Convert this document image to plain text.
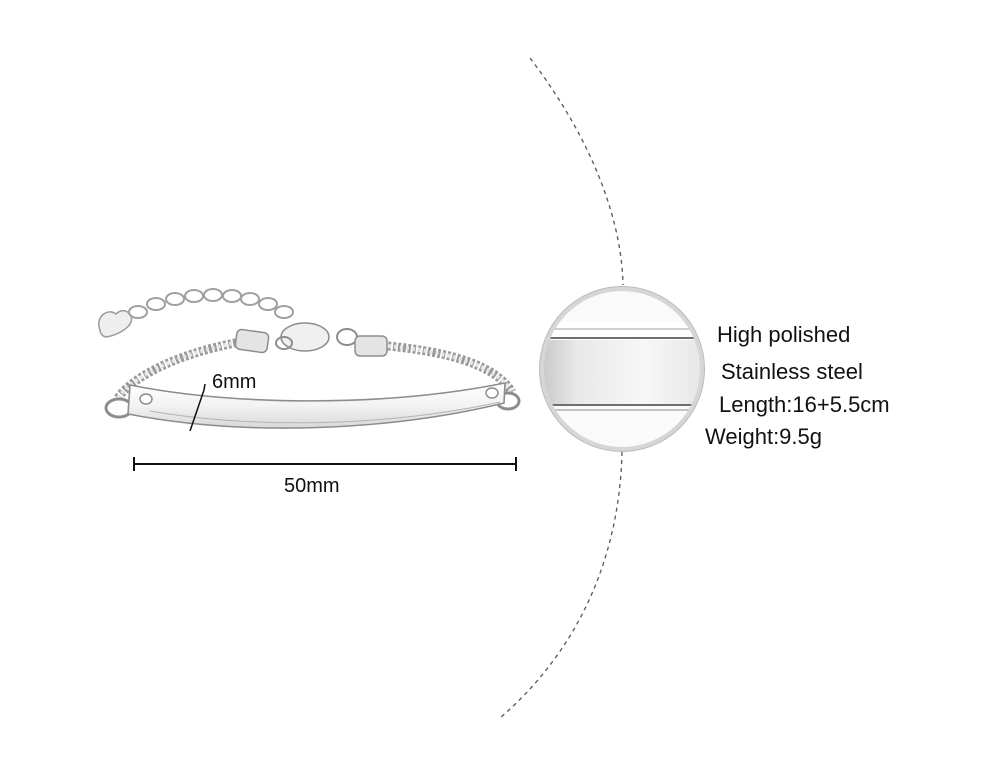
6mm
50mm
High polished
Stainless steel
Length:16+5.5cm
Weight:9.5g
